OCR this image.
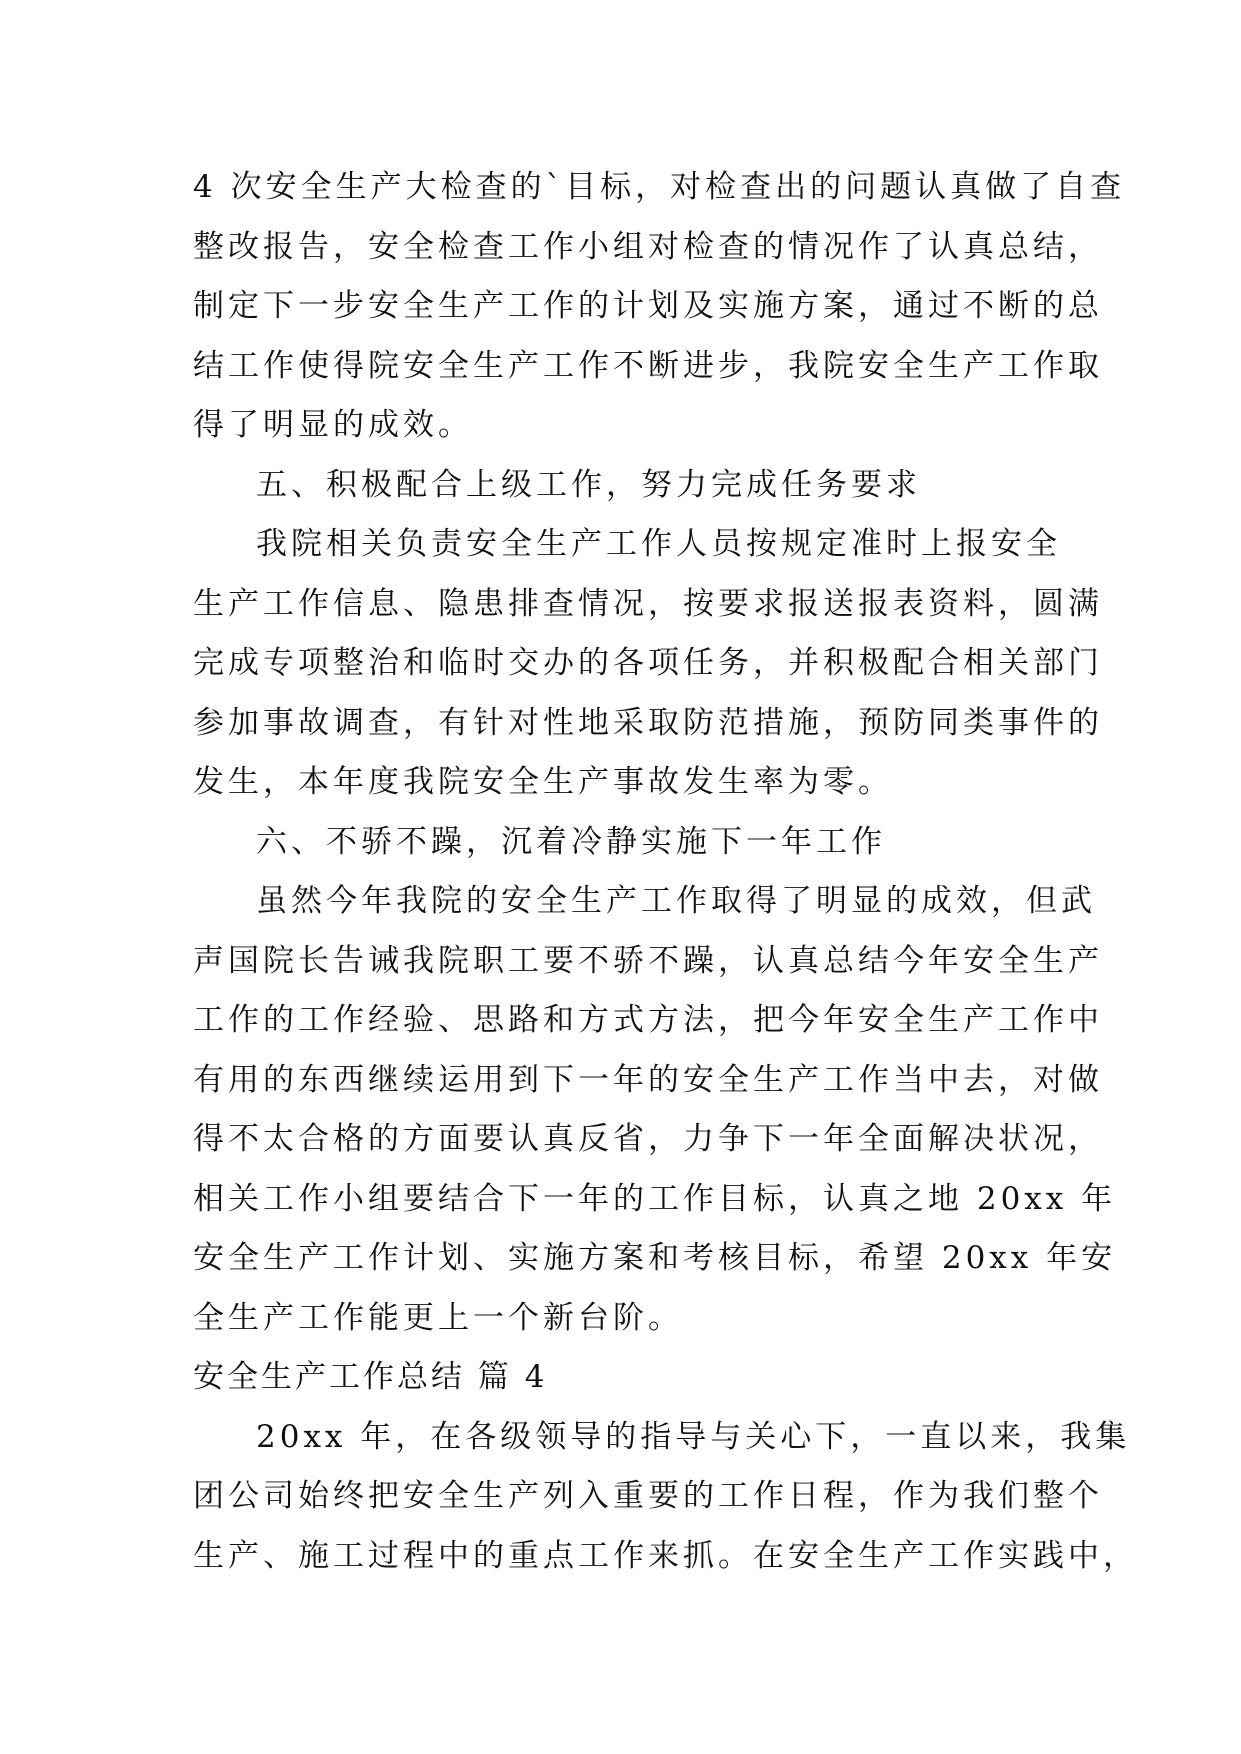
4 次安全生产大检查的`目标，对检查出的问题认真做了自查
整改报告，安全检查工作小组对检查的情况作了认真总结，
制定下一步安全生产工作的计划及实施方案，通过不断的总
结工作使得院安全生产工作不断进步，我院安全生产工作取
得了明显的成效。
五、积极配合上级工作，努力完成任务要求
我院相关负责安全生产工作人员按规定准时上报安全
生产工作信息、隐患排查情况，按要求报送报表资料，圆满
完成专项整治和临时交办的各项任务，并积极配合相关部门
参加事故调查，有针对性地采取防范措施，预防同类事件的
发生，本年度我院安全生产事故发生率为零。
六、不骄不躁，沉着冷静实施下一年工作
虽然今年我院的安全生产工作取得了明显的成效，但武
声国院长告诫我院职工要不骄不躁，认真总结今年安全生产
工作的工作经验、思路和方式方法，把今年安全生产工作中
有用的东西继续运用到下一年的安全生产工作当中去，对做
得不太合格的方面要认真反省，力争下一年全面解决状况，
相关工作小组要结合下一年的工作目标，认真之地 20xx 年
安全生产工作计划、实施方案和考核目标，希望 20xx 年安
全生产工作能更上一个新台阶。
安全生产工作总结 篇 4
20xx 年，在各级领导的指导与关心下，一直以来，我集
团公司始终把安全生产列入重要的工作日程，作为我们整个
生产、施工过程中的重点工作来抓。在安全生产工作实践中，
